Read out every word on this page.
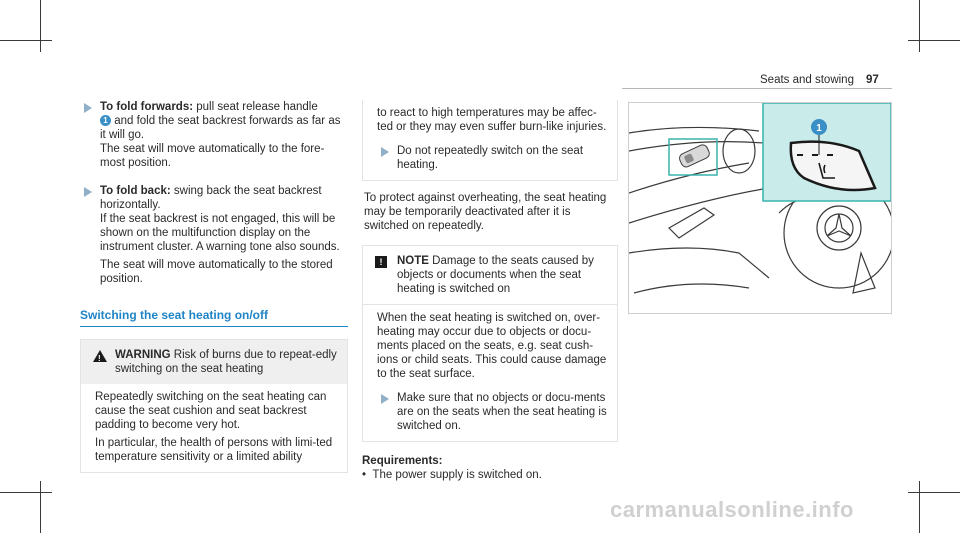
Seats and stowing 97

To fold forwards: pull seat release handle
1 and fold the seat backrest forwards as far as it will go.

The seat will move automatically to the fore-most position.

To fold back: swing back the seat backrest horizontally.

If the seat backrest is not engaged, this will be shown on the multifunction display on the instrument cluster. A warning tone also sounds.

The seat will move automatically to the stored position.

Switching the seat heating on/off
!
WARNING Risk of burns due to repeat-edly switching on the seat heating

Repeatedly switching on the seat heating can cause the seat cushion and seat backrest padding to become very hot.

In particular, the health of persons with limi-ted temperature sensitivity or a limited ability

to react to high temperatures may be affec-ted or they may even suffer burn-like injuries.

Do not repeatedly switch on the seat heating.

To protect against overheating, the seat heating may be temporarily deactivated after it is switched on repeatedly.

!	NOTE Damage to the seats caused by objects or documents when the seat heating is switched on

When the seat heating is switched on, over-heating may occur due to objects or docu-ments placed on the seats, e.g. seat cush-ions or child seats. This could cause damage to the seat surface.

Make sure that no objects or docu-ments are on the seats when the seat heating is switched on.

Requirements:

•  The power supply is switched on.

1
carmanualsonline.info
